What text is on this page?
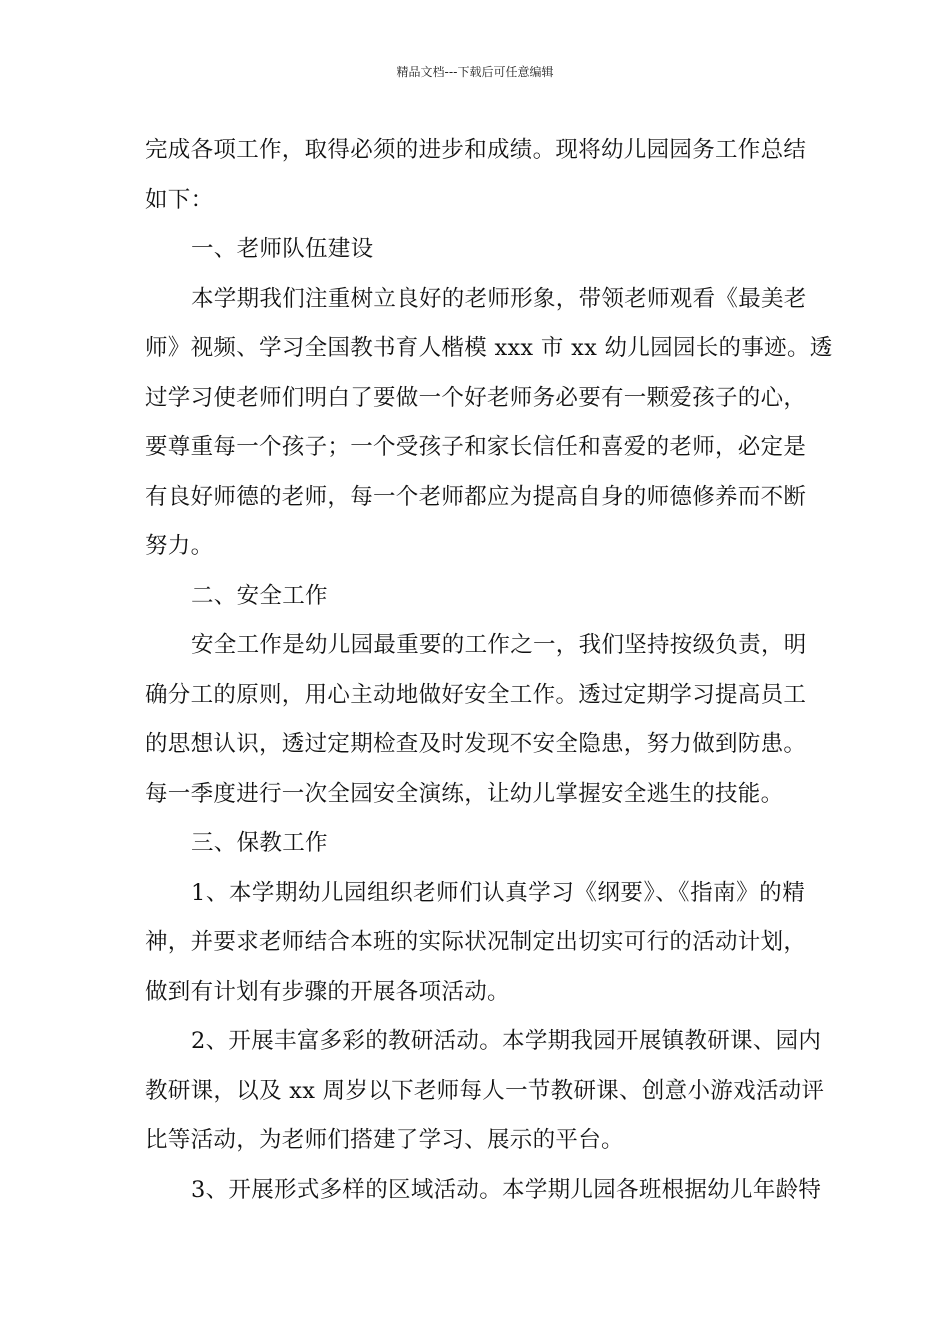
精品文档---下载后可任意编辑
完成各项工作，取得必须的进步和成绩。现将幼儿园园务工作总结
如下：
一、老师队伍建设
本学期我们注重树立良好的老师形象，带领老师观看《最美老
师》视频、学习全国教书育人楷模 xxx 市 xx 幼儿园园长的事迹。透
过学习使老师们明白了要做一个好老师务必要有一颗爱孩子的心，
要尊重每一个孩子；一个受孩子和家长信任和喜爱的老师，必定是
有良好师德的老师，每一个老师都应为提高自身的师德修养而不断
努力。
二、安全工作
安全工作是幼儿园最重要的工作之一，我们坚持按级负责，明
确分工的原则，用心主动地做好安全工作。透过定期学习提高员工
的思想认识，透过定期检查及时发现不安全隐患，努力做到防患。
每一季度进行一次全园安全演练，让幼儿掌握安全逃生的技能。
三、保教工作
1、本学期幼儿园组织老师们认真学习《纲要》、《指南》的精
神，并要求老师结合本班的实际状况制定出切实可行的活动计划，
做到有计划有步骤的开展各项活动。
2、开展丰富多彩的教研活动。本学期我园开展镇教研课、园内
教研课，以及 xx 周岁以下老师每人一节教研课、创意小游戏活动评
比等活动，为老师们搭建了学习、展示的平台。
3、开展形式多样的区域活动。本学期儿园各班根据幼儿年龄特
